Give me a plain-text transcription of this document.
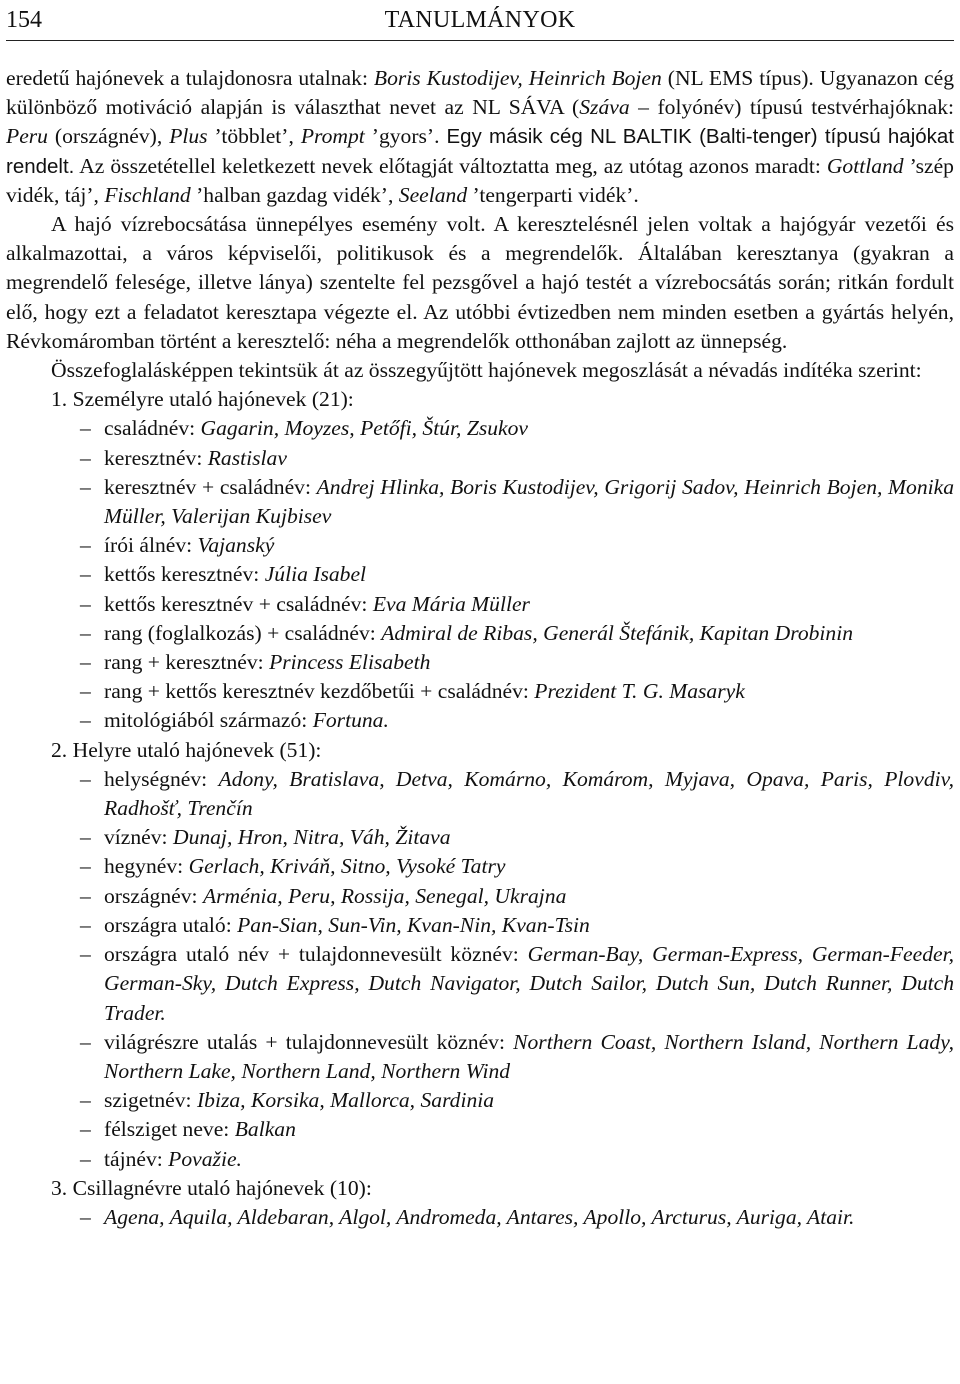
154	TANULMÁNYOK

eredetű hajónevek a tulajdonosra utalnak: Boris Kustodijev, Heinrich Bojen (NL EMS típus). Ugyanazon cég különböző motiváció alapján is választhat nevet az NL SÁVA (Száva – folyónév) típusú testvérhajóknak: Peru (országnév), Plus ’többlet’, Prompt ’gyors’. Egy másik cég NL BALTIK (Balti-tenger) típusú hajókat rendelt. Az összetétellel keletkezett nevek előtagját változtatta meg, az utótag azonos maradt: Gottland ’szép vidék, táj’, Fischland ’halban gazdag vidék’, Seeland ’tengerparti vidék’.

A hajó vízrebocsátása ünnepélyes esemény volt. A keresztelésnél jelen voltak a hajógyár vezetői és alkalmazottai, a város képviselői, politikusok és a megrendelők. Általában keresztanya (gyakran a megrendelő felesége, illetve lánya) szentelte fel pezsgővel a hajó testét a vízrebocsátás során; ritkán fordult elő, hogy ezt a feladatot keresztapa végezte el. Az utóbbi évtizedben nem minden esetben a gyártás helyén, Révkomáromban történt a keresztelő: néha a megrendelők otthonában zajlott az ünnepség.

Összefoglalásképpen tekintsük át az összegyűjtött hajónevek megoszlását a névadás indítéka szerint:

1. Személyre utaló hajónevek (21):

– családnév: Gagarin, Moyzes, Petőfi, Štúr, Zsukov
– keresztnév: Rastislav
– keresztnév + családnév: Andrej Hlinka, Boris Kustodijev, Grigorij Sadov, Heinrich Bojen, Monika Müller, Valerijan Kujbisev
– írói álnév: Vajanský
– kettős keresztnév: Júlia Isabel
– kettős keresztnév + családnév: Eva Mária Müller
– rang (foglalkozás) + családnév: Admiral de Ribas, Generál Štefánik, Kapitan Drobinin
– rang + keresztnév: Princess Elisabeth
– rang + kettős keresztnév kezdőbetűi + családnév: Prezident T. G. Masaryk
– mitológiából származó: Fortuna.

2. Helyre utaló hajónevek (51):

– helységnév: Adony, Bratislava, Detva, Komárno, Komárom, Myjava, Opava, Paris, Plovdiv, Radhošť, Trenčín
– víznév: Dunaj, Hron, Nitra, Váh, Žitava
– hegynév: Gerlach, Kriváň, Sitno, Vysoké Tatry
– országnév: Arménia, Peru, Rossija, Senegal, Ukrajna
– országra utaló: Pan-Sian, Sun-Vin, Kvan-Nin, Kvan-Tsin
– országra utaló név + tulajdonnevesült köznév: German-Bay, German-Express, German-Feeder, German-Sky, Dutch Express, Dutch Navigator, Dutch Sailor, Dutch Sun, Dutch Runner, Dutch Trader.
– világrészre utalás + tulajdonnevesült köznév: Northern Coast, Northern Island, Northern Lady, Northern Lake, Northern Land, Northern Wind
– szigetnév: Ibiza, Korsika, Mallorca, Sardinia
– félsziget neve: Balkan
– tájnév: Považie.

3. Csillagnévre utaló hajónevek (10):

– Agena, Aquila, Aldebaran, Algol, Andromeda, Antares, Apollo, Arcturus, Auriga, Atair.
